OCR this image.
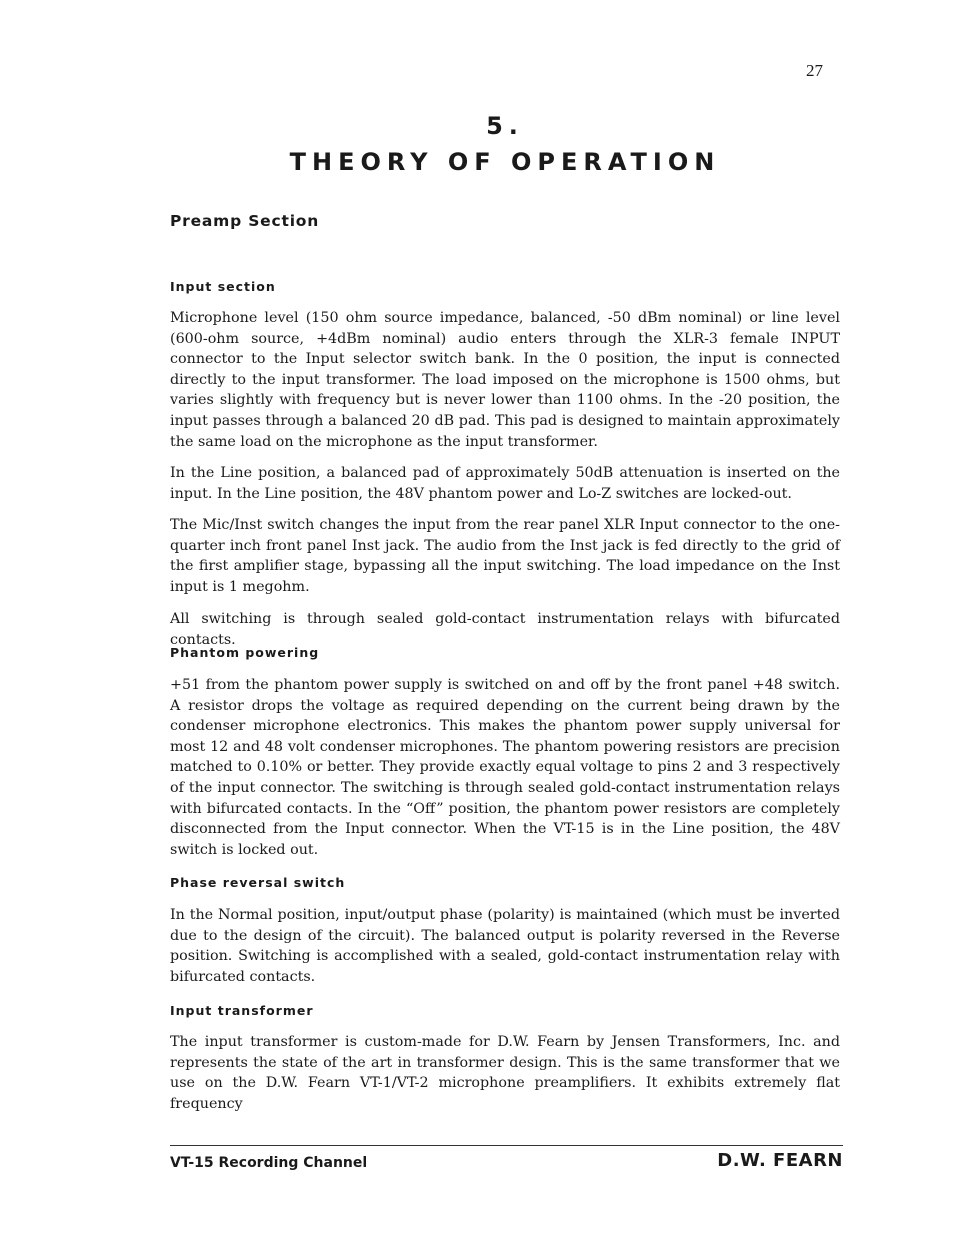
27
5.
THEORY OF OPERATION
Preamp Section
Input section

Microphone level (150 ohm source impedance, balanced, -50 dBm nominal) or line level (600-ohm source, +4dBm nominal) audio enters through the XLR-3 female INPUT connector to the Input selector switch bank. In the 0 position, the input is connected directly to the input transformer. The load imposed on the microphone is 1500 ohms, but varies slightly with frequency but is never lower than 1100 ohms. In the -20 position, the input passes through a balanced 20 dB pad. This pad is designed to maintain approximately the same load on the microphone as the input transformer.

In the Line position, a balanced pad of approximately 50dB attenuation is inserted on the input. In the Line position, the 48V phantom power and Lo-Z switches are locked-out.

The Mic/Inst switch changes the input from the rear panel XLR Input connector to the one-quarter inch front panel Inst jack. The audio from the Inst jack is fed directly to the grid of the first amplifier stage, bypassing all the input switching. The load impedance on the Inst input is 1 megohm.

All switching is through sealed gold-contact instrumentation relays with bifurcated contacts.

Phantom powering

+51 from the phantom power supply is switched on and off by the front panel +48 switch. A resistor drops the voltage as required depending on the current being drawn by the condenser microphone electronics. This makes the phantom power supply universal for most 12 and 48 volt condenser microphones. The phantom powering resistors are precision matched to 0.10% or better. They provide exactly equal voltage to pins 2 and 3 respectively of the input connector. The switching is through sealed gold-contact instrumentation relays with bifurcated contacts. In the “Off” position, the phantom power resistors are completely disconnected from the Input connector. When the VT-15 is in the Line position, the 48V switch is locked out.

Phase reversal switch

In the Normal position, input/output phase (polarity) is maintained (which must be inverted due to the design of the circuit). The balanced output is polarity reversed in the Reverse position. Switching is accomplished with a sealed, gold-contact instrumentation relay with bifurcated contacts.

Input transformer

The input transformer is custom-made for D.W. Fearn by Jensen Transformers, Inc. and represents the state of the art in transformer design. This is the same transformer that we use on the D.W. Fearn VT-1/VT-2 microphone preamplifiers. It exhibits extremely flat frequency

VT-15 Recording Channel	D.W. FEARN
